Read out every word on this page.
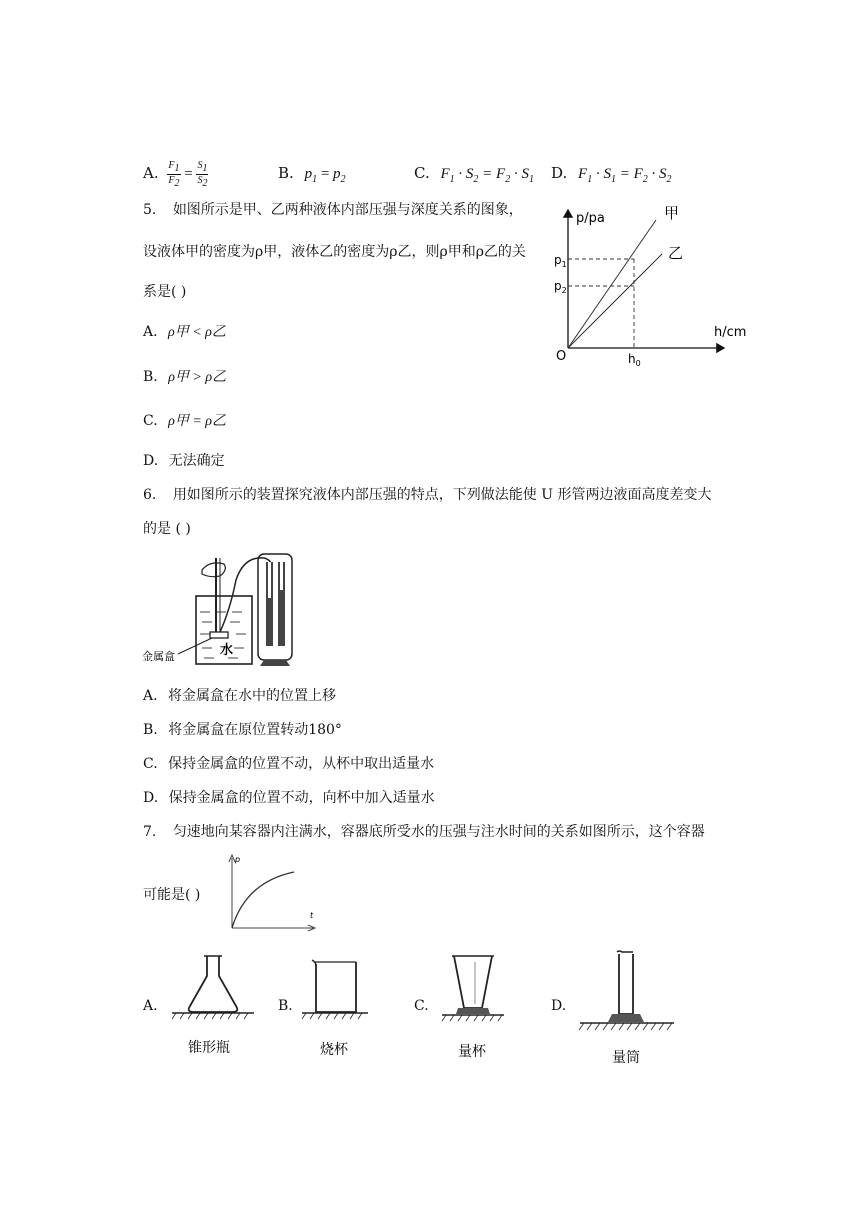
A. $\frac{F_1}{F_2} = \frac{S_1}{S_2}$	B. $p_1 = p_2$	C. $F_1 \cdot S_2 = F_2 \cdot S_1$ D. $F_1 \cdot S_1 = F_2 \cdot S_2$
5. 如图所示是甲、乙两种液体内部压强与深度关系的图象，
设液体甲的密度为ρ甲，液体乙的密度为ρ乙，则ρ甲和ρ乙的关
系是( )
A. ρ甲 < ρ乙
B. ρ甲 > ρ乙
C. ρ甲 = ρ乙
D. 无法确定
p/pa
h/cm
O
$p_1$
$p_2$
$h_0$
甲
乙
6. 用如图所示的装置探究液体内部压强的特点，下列做法能使 U 形管两边液面高度差变大
的是 ( )
金属盒	水
A. 将金属盒在水中的位置上移
B. 将金属盒在原位置转动180°
C. 保持金属盒的位置不动，从杯中取出适量水
D. 保持金属盒的位置不动，向杯中加入适量水
7. 匀速地向某容器内注满水，容器底所受水的压强与注水时间的关系如图所示，这个容器
p
t
可能是( )
A.
锥形瓶
B.
烧杯
C.
量杯
D.
量筒
